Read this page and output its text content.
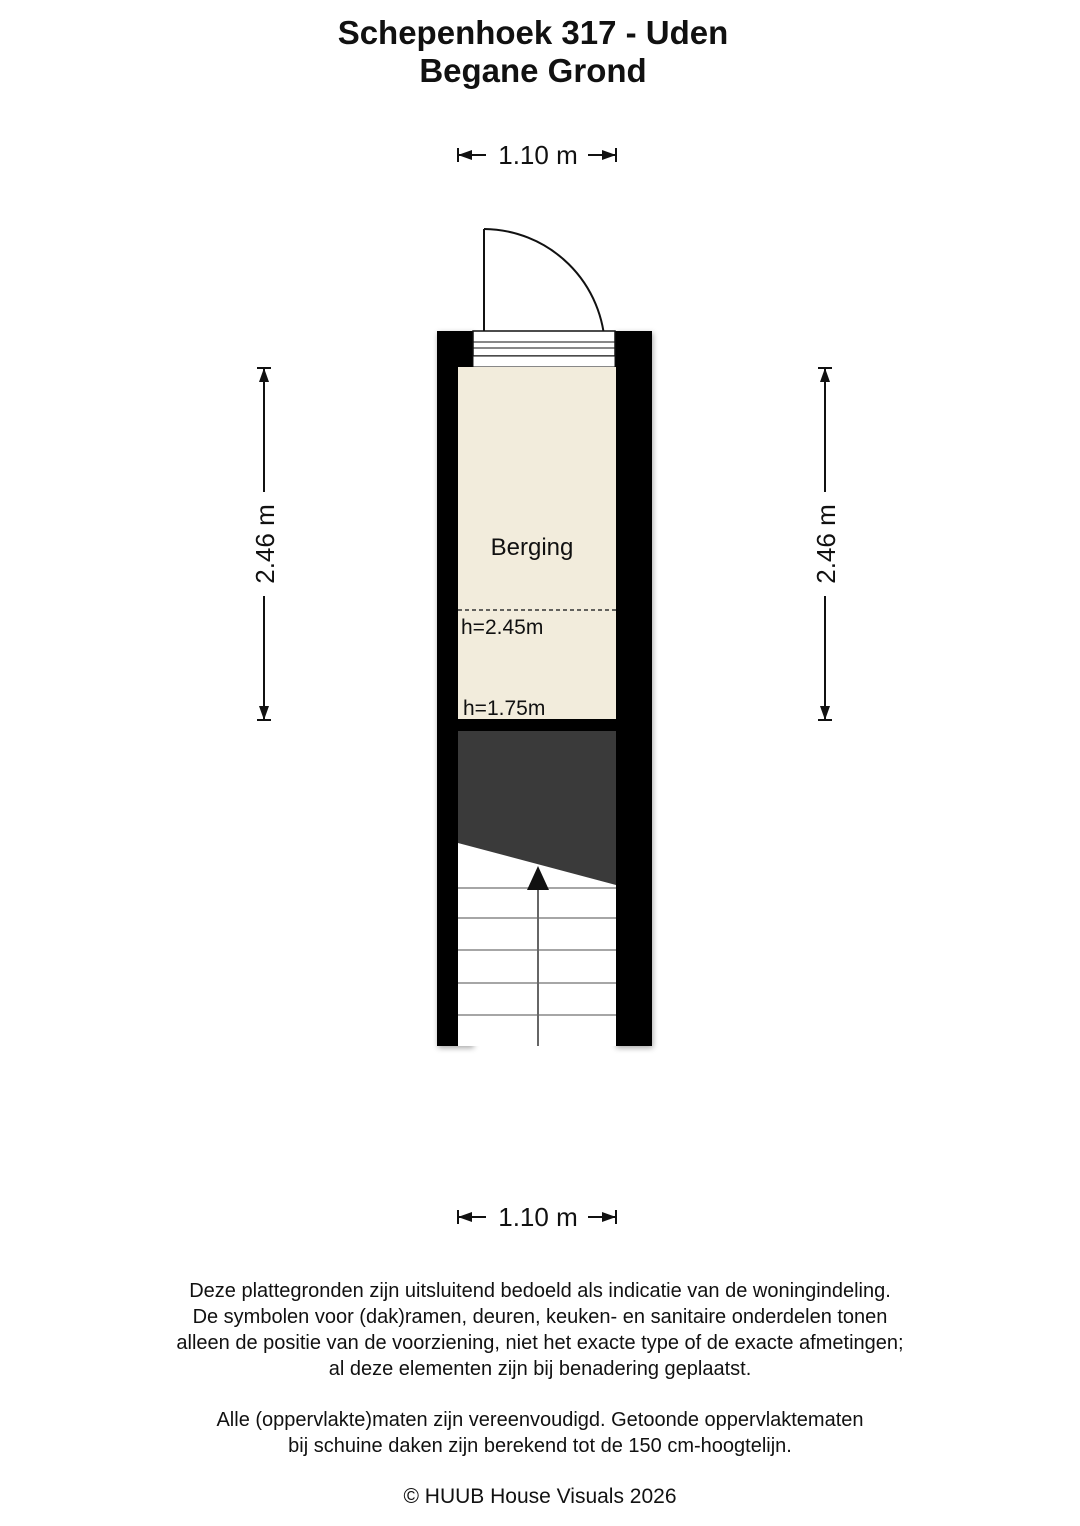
Schepenhoek 317 - Uden
Begane Grond
1.10 m
1.10 m
2.46 m	2.46 m
Berging
h=2.45m
h=1.75m

Deze plattegronden zijn uitsluitend bedoeld als indicatie van de woningindeling.

De symbolen voor (dak)ramen, deuren, keuken- en sanitaire onderdelen tonen

alleen de positie van de voorziening, niet het exacte type of de exacte afmetingen;

al deze elementen zijn bij benadering geplaatst.

Alle (oppervlakte)maten zijn vereenvoudigd. Getoonde oppervlaktematen

bij schuine daken zijn berekend tot de 150 cm-hoogtelijn.

© HUUB House Visuals 2026
